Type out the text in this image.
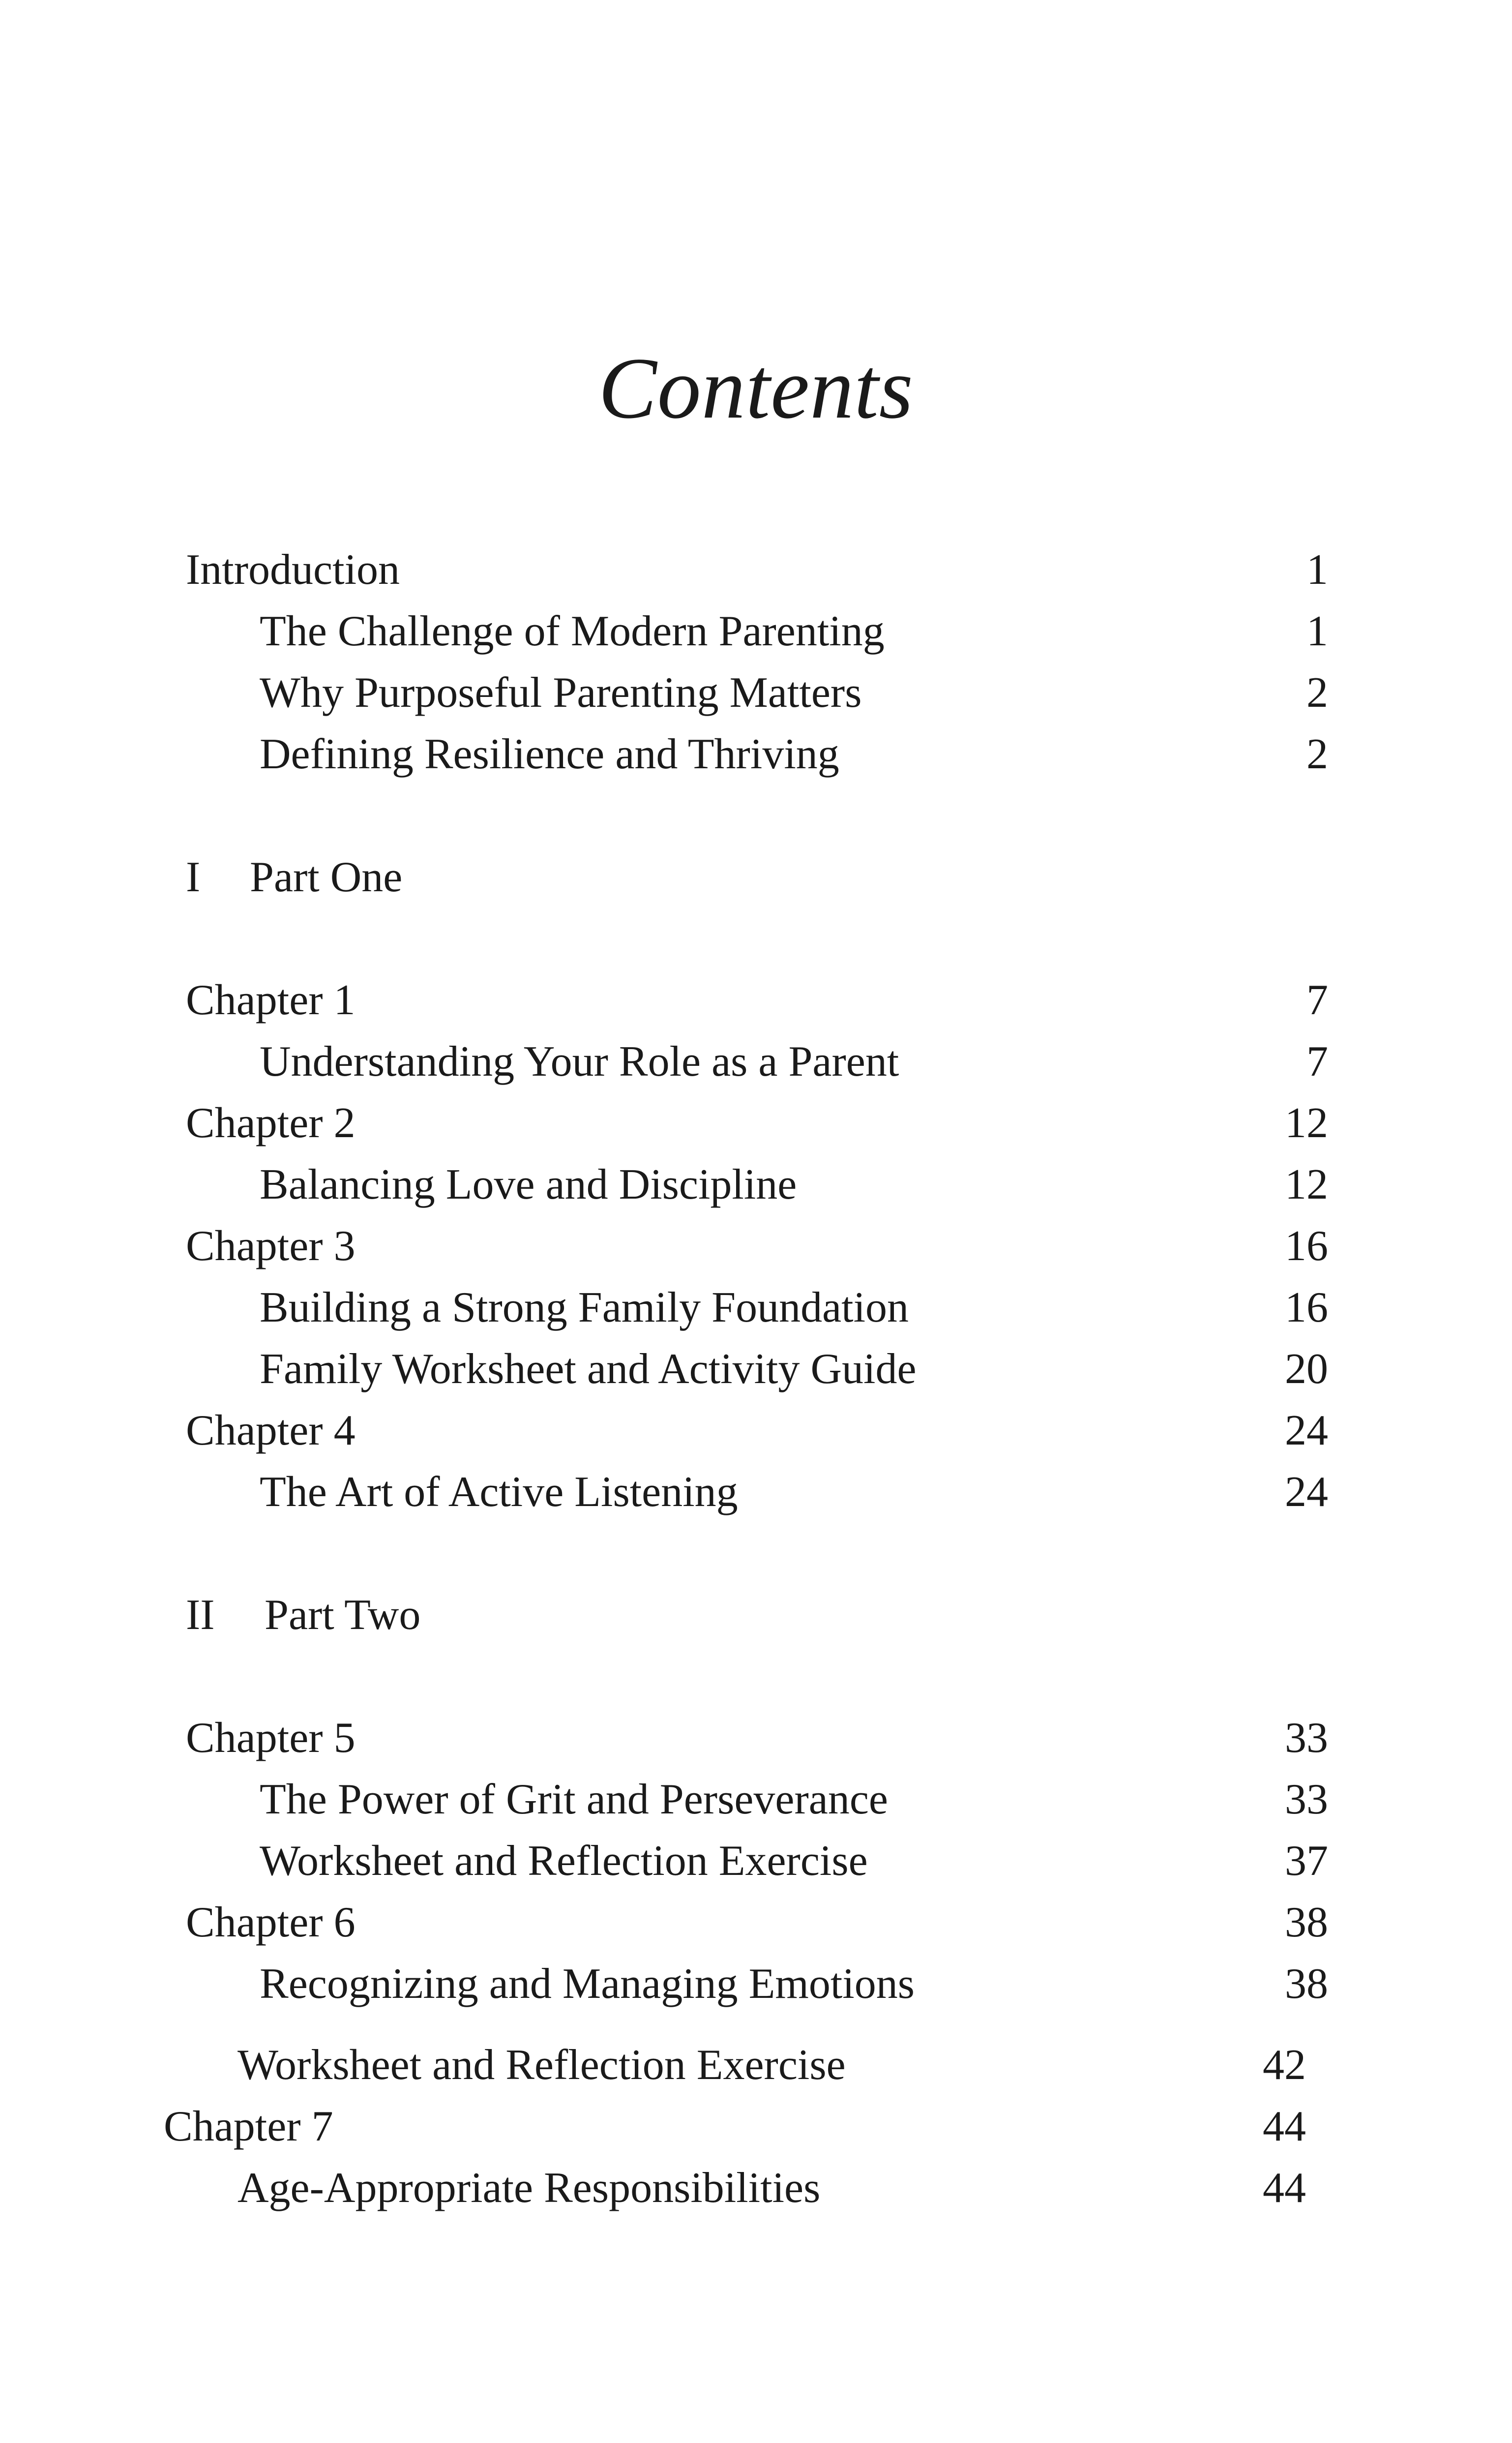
Contents
Introduction	1
The Challenge of Modern Parenting	1
Why Purposeful Parenting Matters	2
Defining Resilience and Thriving	2
I Part One
Chapter 1	7
Understanding Your Role as a Parent	7
Chapter 2	12
Balancing Love and Discipline	12
Chapter 3	16
Building a Strong Family Foundation	16
Family Worksheet and Activity Guide	20
Chapter 4	24
The Art of Active Listening	24
II Part Two
Chapter 5	33
The Power of Grit and Perseverance	33
Worksheet and Reflection Exercise	37
Chapter 6	38
Recognizing and Managing Emotions	38
Worksheet and Reflection Exercise	42
Chapter 7	44
Age-Appropriate Responsibilities	44
